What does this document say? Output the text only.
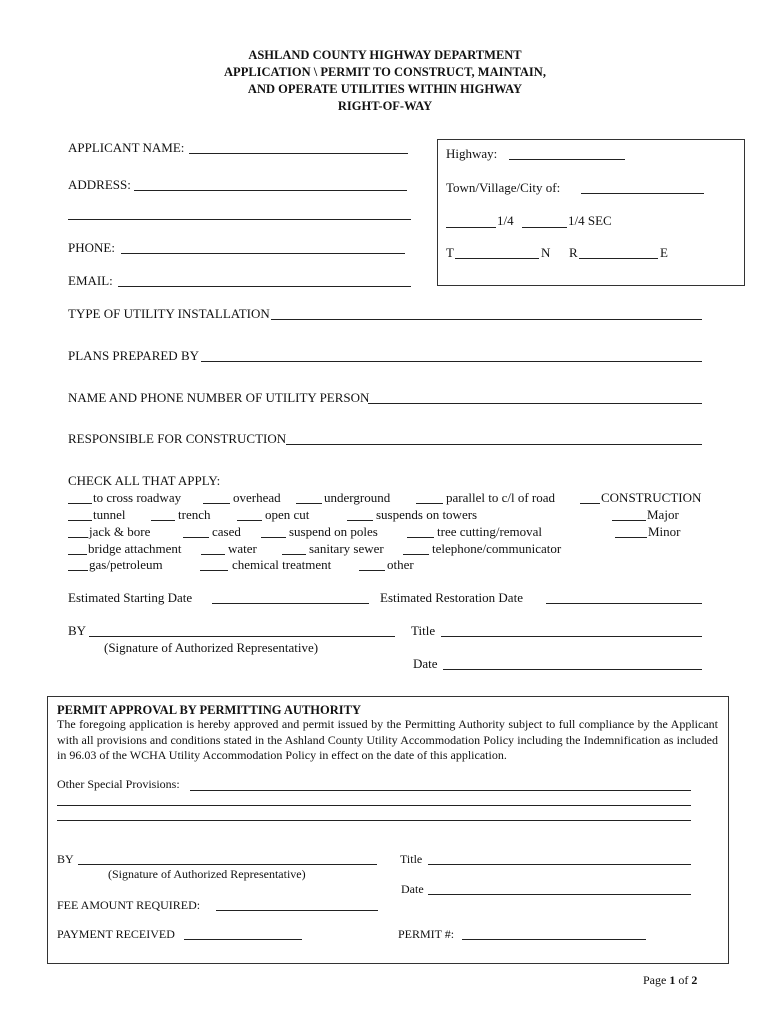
ASHLAND COUNTY HIGHWAY DEPARTMENT
APPLICATION \ PERMIT TO CONSTRUCT, MAINTAIN,
AND OPERATE UTILITIES WITHIN HIGHWAY
RIGHT-OF-WAY
APPLICANT NAME:
ADDRESS:
PHONE:
EMAIL:
Highway:
Town/Village/City of:
1/4	1/4 SEC
T	N R	E
TYPE OF UTILITY INSTALLATION
PLANS PREPARED BY
NAME AND PHONE NUMBER OF UTILITY PERSON
RESPONSIBLE FOR CONSTRUCTION
CHECK ALL THAT APPLY:
to cross roadway	overhead	underground	parallel to c/l of road	CONSTRUCTION
tunnel	trench	open cut	suspends on towers	Major
jack & bore	cased	suspend on poles	tree cutting/removal	Minor
bridge attachment	water	sanitary sewer	telephone/communicator
gas/petroleum	chemical treatment	other
Estimated Starting Date	Estimated Restoration Date
BY
(Signature of Authorized Representative)
Title
Date
PERMIT APPROVAL BY PERMITTING AUTHORITY
The foregoing application is hereby approved and permit issued by the Permitting Authority subject to full compliance by the Applicant with all provisions and conditions stated in the Ashland County Utility Accommodation Policy including the Indemnification as included in 96.03 of the WCHA Utility Accommodation Policy in effect on the date of this application.
Other Special Provisions:
BY
(Signature of Authorized Representative)
Title
Date
FEE AMOUNT REQUIRED:
PAYMENT RECEIVED	PERMIT #:
Page 1 of 2
